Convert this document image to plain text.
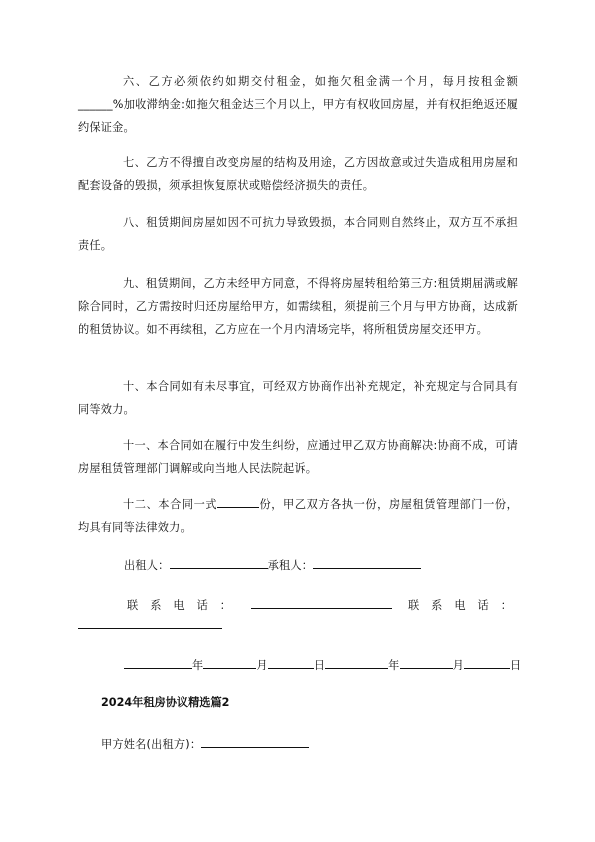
六、乙方必须依约如期交付租金，如拖欠租金满一个月，每月按租金额______%加收滞纳金:如拖欠租金达三个月以上，甲方有权收回房屋，并有权拒绝返还履约保证金。

七、乙方不得擅自改变房屋的结构及用途，乙方因故意或过失造成租用房屋和配套设备的毁损，须承担恢复原状或赔偿经济损失的责任。

八、租赁期间房屋如因不可抗力导致毁损，本合同则自然终止，双方互不承担责任。

九、租赁期间，乙方未经甲方同意，不得将房屋转租给第三方:租赁期届满或解除合同时，乙方需按时归还房屋给甲方，如需续租，须提前三个月与甲方协商，达成新的租赁协议。如不再续租，乙方应在一个月内清场完毕，将所租赁房屋交还甲方。

十、本合同如有未尽事宜，可经双方协商作出补充规定，补充规定与合同具有同等效力。

十一、本合同如在履行中发生纠纷，应通过甲乙双方协商解决:协商不成，可请房屋租赁管理部门调解或向当地人民法院起诉。

十二、本合同一式	份，甲乙双方各执一份，房屋租赁管理部门一份，均具有同等法律效力。

出租人：	承租人：
联系电话：	联系电话：
年	月	日	年	月	日
2024年租房协议精选篇2
甲方姓名(出租方)：
